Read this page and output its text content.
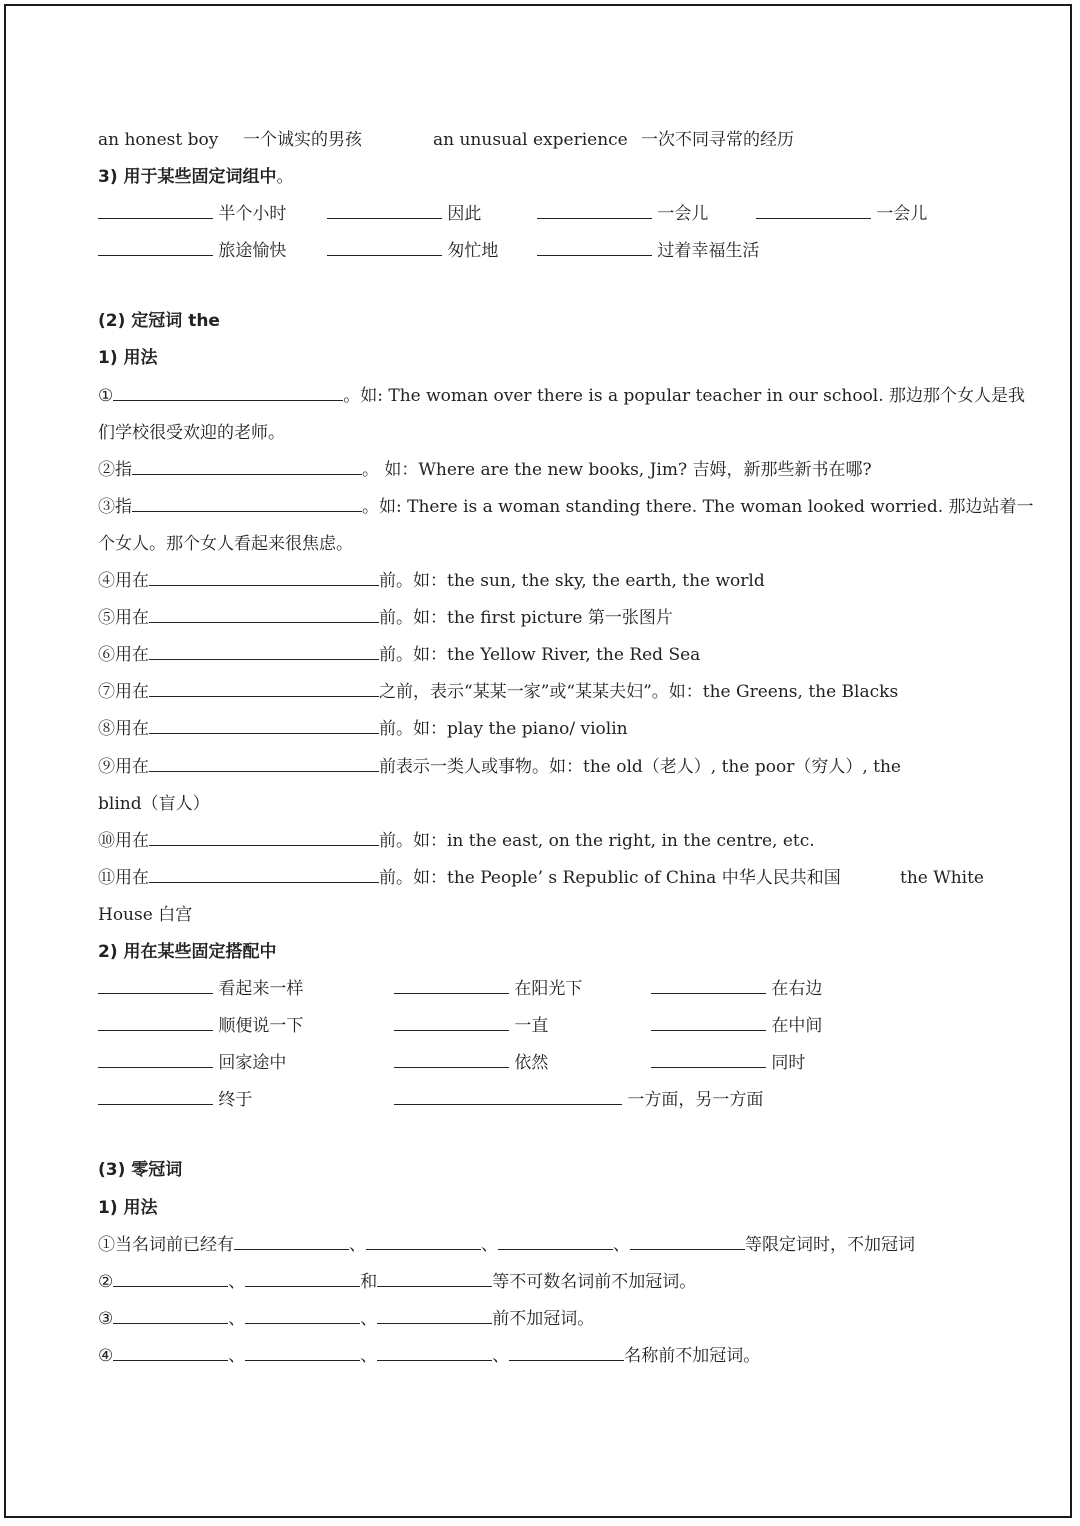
an honest boy 一个诚实的男孩	an unusual experience 一次不同寻常的经历
3) 用于某些固定词组中。
半个小时	因此	一会儿	一会儿
旅途愉快	匆忙地	过着幸福生活
(2) 定冠词 the
1) 用法
①	。如: The woman over there is a popular teacher in our school. 那边那个女人是我
们学校很受欢迎的老师。
②指	。 如：Where are the new books, Jim? 吉姆，新那些新书在哪?
③指	。如: There is a woman standing there. The woman looked worried. 那边站着一
个女人。那个女人看起来很焦虑。
④用在	前。如：the sun, the sky, the earth, the world
⑤用在	前。如：the first picture 第一张图片
⑥用在	前。如：the Yellow River, the Red Sea
⑦用在	之前，表示“某某一家”或“某某夫妇”。如：the Greens, the Blacks
⑧用在	前。如：play the piano/ violin
⑨用在	前表示一类人或事物。如：the old（老人）, the poor（穷人）, the
blind（盲人）
⑩用在	前。如：in the east, on the right, in the centre, etc.
⑪用在	前。如：the People’ s Republic of China 中华人民共和国	the White
House 白宫
2) 用在某些固定搭配中
看起来一样	在阳光下	在右边
顺便说一下	一直	在中间
回家途中	依然	同时
终于	一方面，另一方面
(3) 零冠词
1) 用法
①当名词前已经有	、	、	、	等限定词时，不加冠词
②	、	和	等不可数名词前不加冠词。
③	、	、	前不加冠词。
④	、	、	、	名称前不加冠词。
